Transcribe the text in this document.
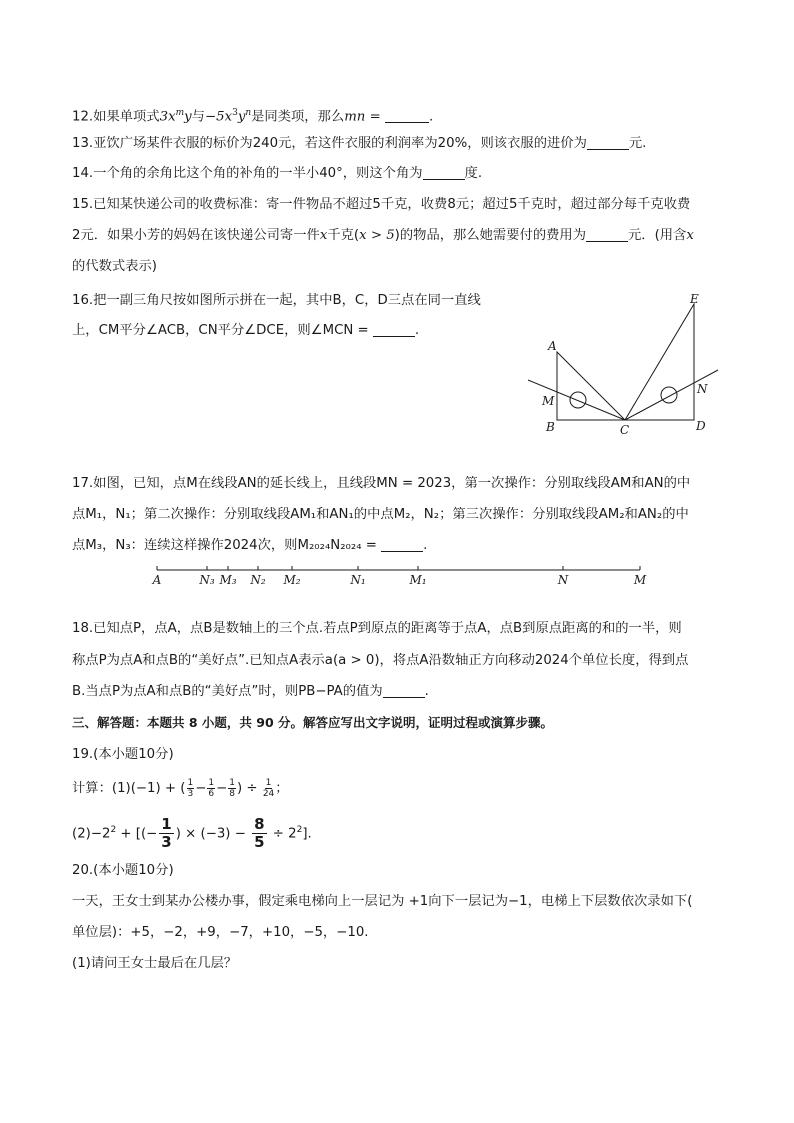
12.如果单项式$3x^my$与$-5x^3y^n$是同类项，那么mn =	.
13.亚饮广场某件衣服的标价为240元，若这件衣服的利润率为20%，则该衣服的进价为	元.
14.一个角的余角比这个角的补角的一半小40°，则这个角为	度.
15.已知某快递公司的收费标准：寄一件物品不超过5千克，收费8元；超过5千克时，超过部分每千克收费
2元．如果小芳的妈妈在该快递公司寄一件x千克(x > 5)的物品，那么她需要付的费用为	元．(用含x
的代数式表示)
16.把一副三角尺按如图所示拼在一起，其中B，C，D三点在同一直线
上，CM平分∠ACB，CN平分∠DCE，则∠MCN =	.
A
B	C	D
E
M
N
17.如图，已知，点M在线段AN的延长线上，且线段MN = 2023，第一次操作：分别取线段AM和AN的中
点M₁，N₁；第二次操作：分别取线段AM₁和AN₁的中点M₂，N₂；第三次操作：分别取线段AM₂和AN₂的中
点M₃，N₃：连续这样操作2024次，则M₂₀₂₄N₂₀₂₄ =	.
A	N₃ M₃ N₂ M₂	N₁	M₁	N	M
18.已知点P，点A，点B是数轴上的三个点.若点P到原点的距离等于点A，点B到原点距离的和的一半，则
称点P为点A和点B的“美好点”.已知点A表示a(a > 0)，将点A沿数轴正方向移动2024个单位长度，得到点
B.当点P为点A和点B的“美好点”时，则PB−PA的值为	.
三、解答题：本题共 8 小题，共 90 分。解答应写出文字说明，证明过程或演算步骤。
19.(本小题10分)
计算：(1)(−1) + ( $\frac{1}{3} - \frac{1}{6} - \frac{1}{8}$ ) ÷ $\frac{1}{24}$ ；
$(2)-2^2$ + [(− $\frac{1}{3}$ ) × $(-3) - \frac{8}{5} \div 2^2$].
20.(本小题10分)
一天，王女士到某办公楼办事，假定乘电梯向上一层记为 +1向下一层记为−1，电梯上下层数依次录如下(
单位层)：+5，−2，+9，−7，+10，−5，−10.
(1)请问王女士最后在几层？
